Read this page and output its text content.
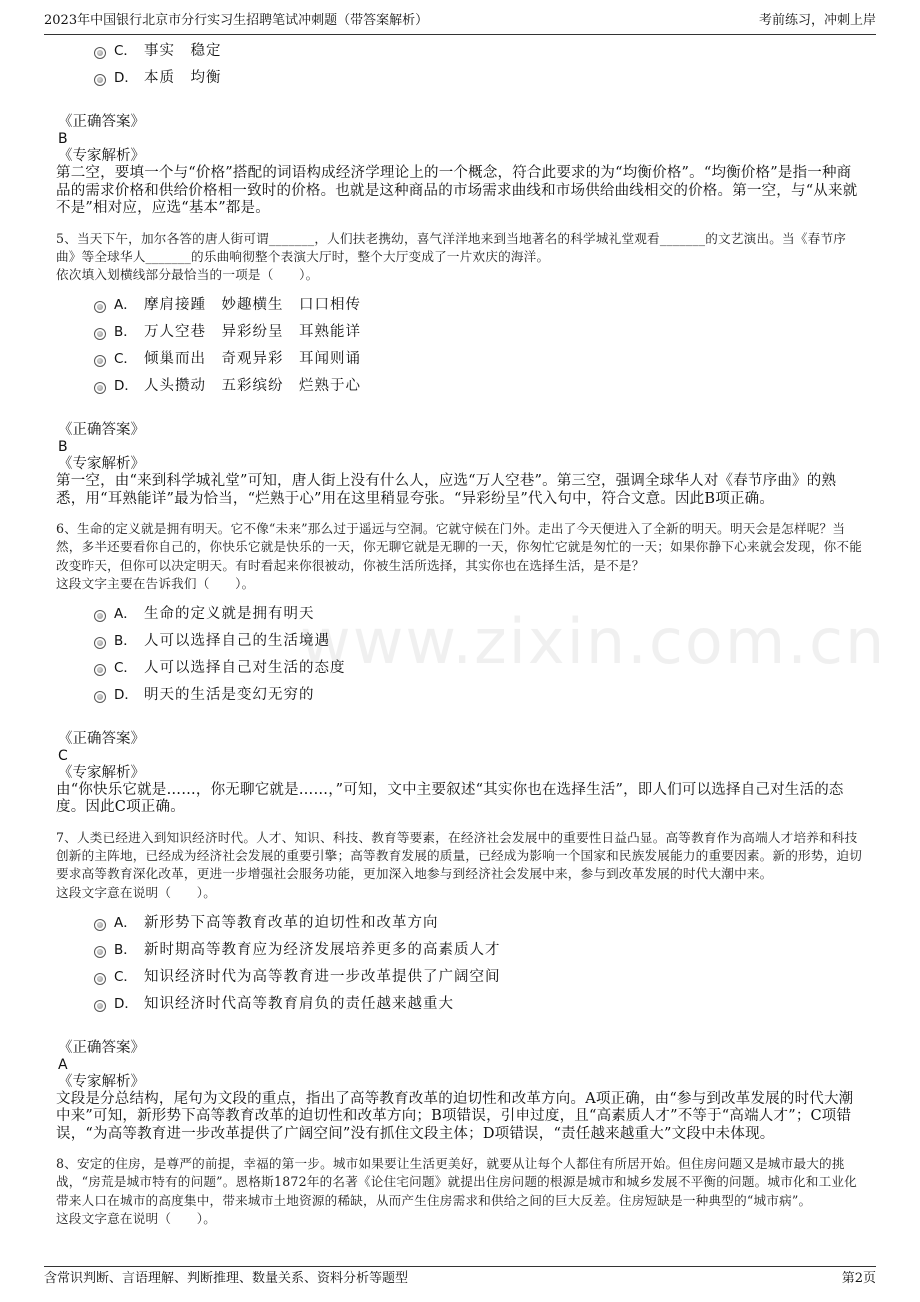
2023年中国银行北京市分行实习生招聘笔试冲刺题（带答案解析）	考前练习，冲刺上岸
www.zixin.com.cn
C． 事实　稳定
D． 本质　均衡
《正确答案》
B
《专家解析》
第二空，要填一个与“价格”搭配的词语构成经济学理论上的一个概念，符合此要求的为“均衡价格”。“均衡价格”是指一种商品的需求价格和供给价格相一致时的价格。也就是这种商品的市场需求曲线和市场供给曲线相交的价格。第一空，与“从来就不是”相对应，应选“基本”都是。
5、当天下午，加尔各答的唐人街可谓_______，人们扶老携幼，喜气洋洋地来到当地著名的科学城礼堂观看_______的文艺演出。当《春节序曲》等全球华人_______的乐曲响彻整个表演大厅时，整个大厅变成了一片欢庆的海洋。
依次填入划横线部分最恰当的一项是（　　）。
A． 摩肩接踵　妙趣横生　口口相传
B． 万人空巷　异彩纷呈　耳熟能详
C． 倾巢而出　奇观异彩　耳闻则诵
D． 人头攒动　五彩缤纷　烂熟于心
《正确答案》
B
《专家解析》
第一空，由“来到科学城礼堂”可知，唐人街上没有什么人，应选“万人空巷”。第三空，强调全球华人对《春节序曲》的熟悉，用“耳熟能详”最为恰当，“烂熟于心”用在这里稍显夸张。“异彩纷呈”代入句中，符合文意。因此B项正确。
6、生命的定义就是拥有明天。它不像“未来”那么过于遥远与空洞。它就守候在门外。走出了今天便进入了全新的明天。明天会是怎样呢？当然，多半还要看你自己的，你快乐它就是快乐的一天，你无聊它就是无聊的一天，你匆忙它就是匆忙的一天；如果你静下心来就会发现，你不能改变昨天，但你可以决定明天。有时看起来你很被动，你被生活所选择，其实你也在选择生活，是不是？
这段文字主要在告诉我们（　　）。
A． 生命的定义就是拥有明天
B． 人可以选择自己的生活境遇
C． 人可以选择自己对生活的态度
D． 明天的生活是变幻无穷的
《正确答案》
C
《专家解析》
由“你快乐它就是……，你无聊它就是……，”可知，文中主要叙述“其实你也在选择生活”，即人们可以选择自己对生活的态度。因此C项正确。
7、人类已经进入到知识经济时代。人才、知识、科技、教育等要素，在经济社会发展中的重要性日益凸显。高等教育作为高端人才培养和科技创新的主阵地，已经成为经济社会发展的重要引擎；高等教育发展的质量，已经成为影响一个国家和民族发展能力的重要因素。新的形势，迫切要求高等教育深化改革，更进一步增强社会服务功能，更加深入地参与到经济社会发展中来，参与到改革发展的时代大潮中来。
这段文字意在说明（　　）。
A． 新形势下高等教育改革的迫切性和改革方向
B． 新时期高等教育应为经济发展培养更多的高素质人才
C． 知识经济时代为高等教育进一步改革提供了广阔空间
D． 知识经济时代高等教育肩负的责任越来越重大
《正确答案》
A
《专家解析》
文段是分总结构，尾句为文段的重点，指出了高等教育改革的迫切性和改革方向。A项正确，由“参与到改革发展的时代大潮中来”可知，新形势下高等教育改革的迫切性和改革方向；B项错误，引申过度，且“高素质人才”不等于“高端人才”；C项错误，“为高等教育进一步改革提供了广阔空间”没有抓住文段主体；D项错误，“责任越来越重大”文段中未体现。
8、安定的住房，是尊严的前提，幸福的第一步。城市如果要让生活更美好，就要从让每个人都住有所居开始。但住房问题又是城市最大的挑战，“房荒是城市特有的问题”。恩格斯1872年的名著《论住宅问题》就提出住房问题的根源是城市和城乡发展不平衡的问题。城市化和工业化带来人口在城市的高度集中，带来城市土地资源的稀缺，从而产生住房需求和供给之间的巨大反差。住房短缺是一种典型的“城市病”。
这段文字意在说明（　　）。
含常识判断、言语理解、判断推理、数量关系、资料分析等题型	第2页
